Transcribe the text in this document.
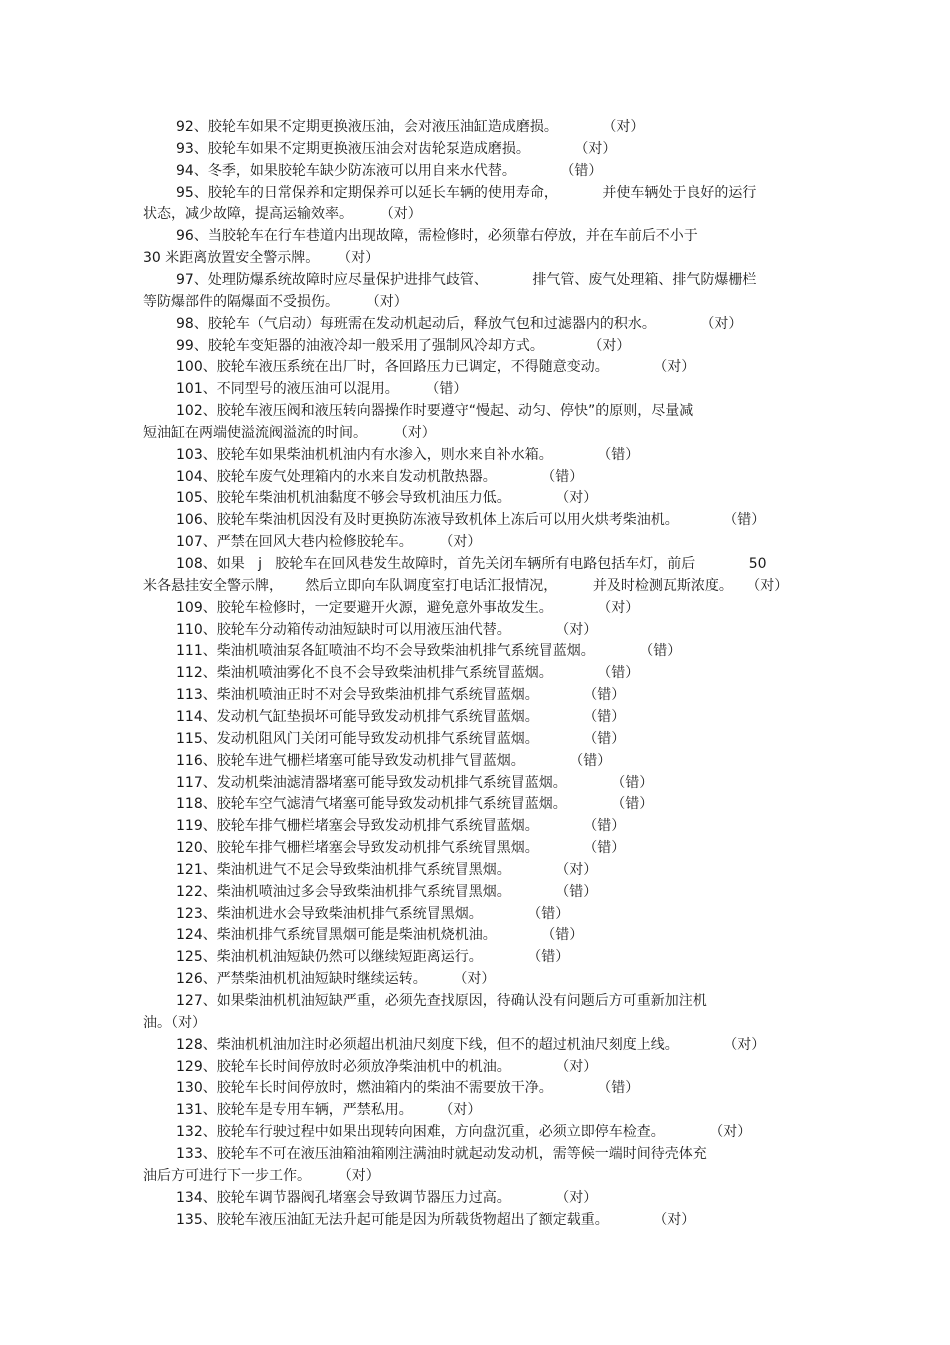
92、胶轮车如果不定期更换液压油，会对液压油缸造成磨损。          （对）
93、胶轮车如果不定期更换液压油会对齿轮泵造成磨损。          （对）
94、冬季，如果胶轮车缺少防冻液可以用自来水代替。          （错）
95、胶轮车的日常保养和定期保养可以延长车辆的使用寿命，          并使车辆处于良好的运行
状态，减少故障，提高运输效率。      （对）
96、当胶轮车在行车巷道内出现故障，需检修时，必须靠右停放，并在车前后不小于
30 米距离放置安全警示牌。    （对）
97、处理防爆系统故障时应尽量保护进排气歧管、          排气管、废气处理箱、排气防爆栅栏
等防爆部件的隔爆面不受损伤。      （对）
98、胶轮车（气启动）每班需在发动机起动后，释放气包和过滤器内的积水。          （对）
99、胶轮车变矩器的油液冷却一般采用了强制风冷却方式。          （对）
100、胶轮车液压系统在出厂时，各回路压力已调定，不得随意变动。          （对）
101、不同型号的液压油可以混用。      （错）
102、胶轮车液压阀和液压转向器操作时要遵守“慢起、动匀、停快”的原则，尽量减
短油缸在两端使溢流阀溢流的时间。      （对）
103、胶轮车如果柴油机机油内有水渗入，则水来自补水箱。          （错）
104、胶轮车废气处理箱内的水来自发动机散热器。          （错）
105、胶轮车柴油机机油黏度不够会导致机油压力低。          （对）
106、胶轮车柴油机因没有及时更换防冻液导致机体上冻后可以用火烘考柴油机。          （错）
107、严禁在回风大巷内检修胶轮车。      （对）
108、如果   j   胶轮车在回风巷发生故障时，首先关闭车辆所有电路包括车灯，前后            50
米各悬挂安全警示牌，     然后立即向车队调度室打电话汇报情况，        并及时检测瓦斯浓度。   （对）
109、胶轮车检修时，一定要避开火源，避免意外事故发生。          （对）
110、胶轮车分动箱传动油短缺时可以用液压油代替。          （对）
111、柴油机喷油泵各缸喷油不均不会导致柴油机排气系统冒蓝烟。          （错）
112、柴油机喷油雾化不良不会导致柴油机排气系统冒蓝烟。          （错）
113、柴油机喷油正时不对会导致柴油机排气系统冒蓝烟。          （错）
114、发动机气缸垫损坏可能导致发动机排气系统冒蓝烟。          （错）
115、发动机阻风门关闭可能导致发动机排气系统冒蓝烟。          （错）
116、胶轮车进气栅栏堵塞可能导致发动机排气冒蓝烟。          （错）
117、发动机柴油滤清器堵塞可能导致发动机排气系统冒蓝烟。          （错）
118、胶轮车空气滤清气堵塞可能导致发动机排气系统冒蓝烟。          （错）
119、胶轮车排气栅栏堵塞会导致发动机排气系统冒蓝烟。          （错）
120、胶轮车排气栅栏堵塞会导致发动机排气系统冒黑烟。          （错）
121、柴油机进气不足会导致柴油机排气系统冒黑烟。          （对）
122、柴油机喷油过多会导致柴油机排气系统冒黑烟。          （错）
123、柴油机进水会导致柴油机排气系统冒黑烟。          （错）
124、柴油机排气系统冒黑烟可能是柴油机烧机油。          （错）
125、柴油机机油短缺仍然可以继续短距离运行。          （错）
126、严禁柴油机机油短缺时继续运转。      （对）
127、如果柴油机机油短缺严重，必须先查找原因，待确认没有问题后方可重新加注机
油。（对）
128、柴油机机油加注时必须超出机油尺刻度下线，但不的超过机油尺刻度上线。          （对）
129、胶轮车长时间停放时必须放净柴油机中的机油。          （对）
130、胶轮车长时间停放时，燃油箱内的柴油不需要放干净。          （错）
131、胶轮车是专用车辆，严禁私用。      （对）
132、胶轮车行驶过程中如果出现转向困难，方向盘沉重，必须立即停车检查。          （对）
133、胶轮车不可在液压油箱油箱刚注满油时就起动发动机，需等候一端时间待壳体充
油后方可进行下一步工作。      （对）
134、胶轮车调节器阀孔堵塞会导致调节器压力过高。          （对）
135、胶轮车液压油缸无法升起可能是因为所载货物超出了额定载重。          （对）
